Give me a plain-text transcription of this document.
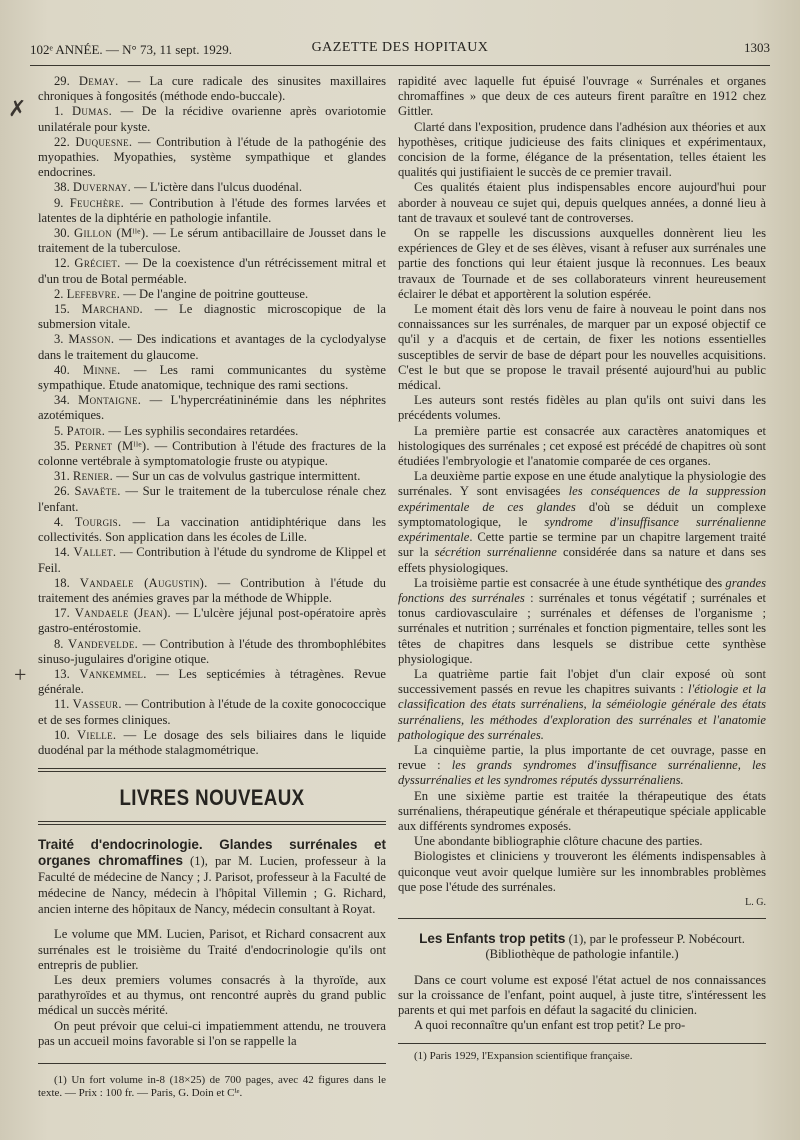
102ᵉ ANNÉE. — N° 73, 11 sept. 1929.	GAZETTE DES HOPITAUX	1303
✗
+

29. Demay. — La cure radicale des sinusites maxillaires chroniques à fongosités (méthode endo-buccale).

1. Dumas. — De la récidive ovarienne après ovariotomie unilatérale pour kyste.

22. Duquesne. — Contribution à l'étude de la pathogénie des myopathies. Myopathies, système sympathique et glandes endocrines.

38. Duvernay. — L'ictère dans l'ulcus duodénal.

9. Feuchère. — Contribution à l'étude des formes larvées et latentes de la diphtérie en pathologie infantile.

30. Gillon (Mˡˡᵉ). — Le sérum antibacillaire de Jousset dans le traitement de la tuberculose.

12. Gréciet. — De la coexistence d'un rétrécissement mitral et d'un trou de Botal perméable.

2. Lefebvre. — De l'angine de poitrine goutteuse.

15. Marchand. — Le diagnostic microscopique de la submersion vitale.

3. Masson. — Des indications et avantages de la cyclodyalyse dans le traitement du glaucome.

40. Minne. — Les rami communicantes du système sympathique. Etude anatomique, technique des rami sections.

34. Montaigne. — L'hypercréatininémie dans les néphrites azotémiques.

5. Patoir. — Les syphilis secondaires retardées.

35. Pernet (Mˡˡᵉ). — Contribution à l'étude des fractures de la colonne vertébrale à symptomatologie fruste ou atypique.

31. Renier. — Sur un cas de volvulus gastrique intermittent.

26. Savaëte. — Sur le traitement de la tuberculose rénale chez l'enfant.

4. Tourgis. — La vaccination antidiphtérique dans les collectivités. Son application dans les écoles de Lille.

14. Vallet. — Contribution à l'étude du syndrome de Klippel et Feil.

18. Vandaele (Augustin). — Contribution à l'étude du traitement des anémies graves par la méthode de Whipple.

17. Vandaele (Jean). — L'ulcère jéjunal post-opératoire après gastro-entérostomie.

8. Vandevelde. — Contribution à l'étude des thrombophlébites sinuso-jugulaires d'origine otique.

13. Vankemmel. — Les septicémies à tétragènes. Revue générale.

11. Vasseur. — Contribution à l'étude de la coxite gonococcique et de ses formes cliniques.

10. Vielle. — Le dosage des sels biliaires dans le liquide duodénal par la méthode stalagmométrique.

LIVRES NOUVEAUX

Traité d'endocrinologie. Glandes surrénales et organes chromaffines (1), par M. Lucien, professeur à la Faculté de médecine de Nancy ; J. Parisot, professeur à la Faculté de médecine de Nancy, médecin à l'hôpital Villemin ; G. Richard, ancien interne des hôpitaux de Nancy, médecin consultant à Royat.

Le volume que MM. Lucien, Parisot, et Richard consacrent aux surrénales est le troisième du Traité d'endocrinologie qu'ils ont entrepris de publier.

Les deux premiers volumes consacrés à la thyroïde, aux parathyroïdes et au thymus, ont rencontré auprès du grand public médical un succès mérité.

On peut prévoir que celui-ci impatiemment attendu, ne trouvera pas un accueil moins favorable si l'on se rappelle la

(1) Un fort volume in-8 (18×25) de 700 pages, avec 42 figures dans le texte. — Prix : 100 fr. — Paris, G. Doin et Cⁱᵉ.

rapidité avec laquelle fut épuisé l'ouvrage « Surrénales et organes chromaffines » que deux de ces auteurs firent paraître en 1912 chez Gittler.

Clarté dans l'exposition, prudence dans l'adhésion aux théories et aux hypothèses, critique judicieuse des faits cliniques et expérimentaux, concision de la forme, élégance de la présentation, telles étaient les qualités qui justifiaient le succès de ce premier travail.

Ces qualités étaient plus indispensables encore aujourd'hui pour aborder à nouveau ce sujet qui, depuis quelques années, a donné lieu à tant de travaux et soulevé tant de controverses.

On se rappelle les discussions auxquelles donnèrent lieu les expériences de Gley et de ses élèves, visant à refuser aux surrénales une partie des fonctions qui leur étaient jusque là reconnues. Les beaux travaux de Tournade et de ses collaborateurs vinrent heureusement éclairer le débat et apportèrent la solution espérée.

Le moment était dès lors venu de faire à nouveau le point dans nos connaissances sur les surrénales, de marquer par un exposé objectif ce qu'il y a d'acquis et de certain, de fixer les notions essentielles susceptibles de servir de base de départ pour les nouvelles acquisitions. C'est le but que se propose le travail présenté aujourd'hui au public médical.

Les auteurs sont restés fidèles au plan qu'ils ont suivi dans les précédents volumes.

La première partie est consacrée aux caractères anatomiques et histologiques des surrénales ; cet exposé est précédé de chapitres où sont étudiées l'embryologie et l'anatomie comparée de ces organes.

La deuxième partie expose en une étude analytique la physiologie des surrénales. Y sont envisagées les conséquences de la suppression expérimentale de ces glandes d'où se déduit un complexe symptomatologique, le syndrome d'insuffisance surrénalienne expérimentale. Cette partie se termine par un chapitre largement traité sur la sécrétion surrénalienne considérée dans sa nature et dans ses effets physiologiques.

La troisième partie est consacrée à une étude synthétique des grandes fonctions des surrénales : surrénales et tonus végétatif ; surrénales et tonus cardiovasculaire ; surrénales et défenses de l'organisme ; surrénales et nutrition ; surrénales et fonction pigmentaire, telles sont les têtes de chapitres dans lesquels se distribue cette synthèse physiologique.

La quatrième partie fait l'objet d'un clair exposé où sont successivement passés en revue les chapitres suivants : l'étiologie et la classification des états surrénaliens, la séméiologie générale des états surrénaliens, les méthodes d'exploration des surrénales et l'anatomie pathologique des surrénales.

La cinquième partie, la plus importante de cet ouvrage, passe en revue : les grands syndromes d'insuffisance surrénalienne, les dyssurrénalies et les syndromes réputés dyssurrénaliens.

En une sixième partie est traitée la thérapeutique des états surrénaliens, thérapeutique générale et thérapeutique spéciale applicable aux différents syndromes exposés.

Une abondante bibliographie clôture chacune des parties.

Biologistes et cliniciens y trouveront les éléments indispensables à quiconque veut avoir quelque lumière sur les innombrables problèmes que pose l'étude des surrénales.

L. G.

Les Enfants trop petits (1), par le professeur P. Nobécourt.
(Bibliothèque de pathologie infantile.)

Dans ce court volume est exposé l'état actuel de nos connaissances sur la croissance de l'enfant, point auquel, à juste titre, s'intéressent les parents et qui met parfois en défaut la sagacité du clinicien.

A quoi reconnaître qu'un enfant est trop petit? Le pro-

(1) Paris 1929, l'Expansion scientifique française.
